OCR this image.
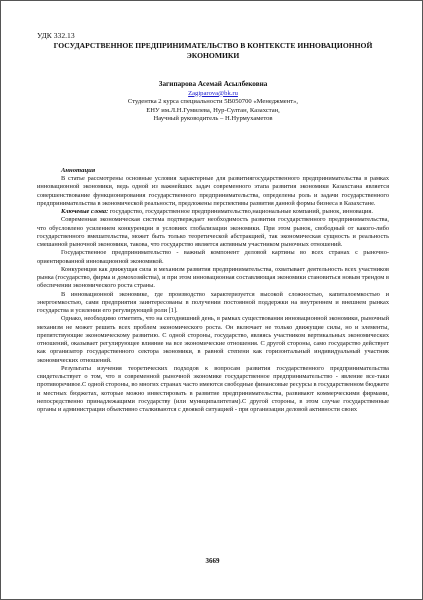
УДК 332.13
ГОСУДАРСТВЕННОЕ ПРЕДПРИНИМАТЕЛЬСТВО В КОНТЕКСТЕ ИННОВАЦИОННОЙ ЭКОНОМИКИ
Загипарова Асемай Асылбековна
Zagiparova@bk.ru
Студентка 2 курса специальности 5В050700 «Менеджмент»,
ЕНУ им.Л.Н.Гумилева, Нур-Султан, Казахстан,
Научный руководитель – Н.Нурмухаметов
Аннотация

В статье рассмотрены основные условия характерные для развитиягосударственного предпринимательства в рамках инновационной экономики, ведь одной из важнейших задач современного этапа развития экономики Казахстана является совершенствование функционирования государственного предпринимательства, определены роль и задачи государственного предпринимательства в экономической реальности, предложены перспективы развития данной формы бизнеса в Казахстане.

Ключевые слова: государство, государственное предпринимательство,национальные компаний, рынок, инновация.

Современная экономическая система подтверждает необходимость развития государственного предпринимательства, что обусловлено усилением конкуренции в условиях глобализации экономики. При этом рынок, свободный от какого-либо государственного вмешательства, может быть только теоретической абстракцией, так экономическая сущность и реальность смешанной рыночной экономики, такова, что государство является активным участником рыночных отношений.

Государственное предпринимательство - важный компонент деловой картины во всех странах с рыночно-ориентированной инновационной экономикой.

Конкуренция как движущая сила и механизм развития предпринимательства, охватывает деятельность всех участников рынка (государство, фирма и домохозяйства), и при этом инновационная составляющая экономики становиться новым трендом в обеспечении экономического роста страны.

В инновационной экономике, где производство характеризуется высокой сложностью, капиталоемкостью и энергоемкостью, сами предприятия заинтересованы в получении постоянной поддержки на внутреннем и внешнем рынках государства и усилении его регулирующей роли [1].

Однако, необходимо отметить, что на сегодняшний день, в рамках существования инновационной экономики, рыночный механизм не может решить всех проблем экономического роста. Он включает не только движущие силы, но и элементы, препятствующие экономическому развитию. С одной стороны, государство, являясь участником вертикальных экономических отношений, оказывает регулирующее влияние на все экономические отношения. С другой стороны, само государство действует как организатор государственного сектора экономики, в равной степени как горизонтальный индивидуальный участник экономических отношений.

Результаты изучения теоретических подходов к вопросам развития государственного предпринимательства свидетельствует о том, что в современной рыночной экономике государственное предпринимательство - явление все-таки противоречивое.С одной стороны, во многих странах часто имеются свободные финансовые ресурсы в государственном бюджете и местных бюджетах, которые можно инвестировать в развитие предпринимательства, развивают коммерческими фирмами, непосредственно принадлежащими государству (или муниципалитетам).С другой стороны, в этом случае государственные органы и администрации объективно сталкиваются с двоякой ситуацией - при организации деловой активности своих

3669
